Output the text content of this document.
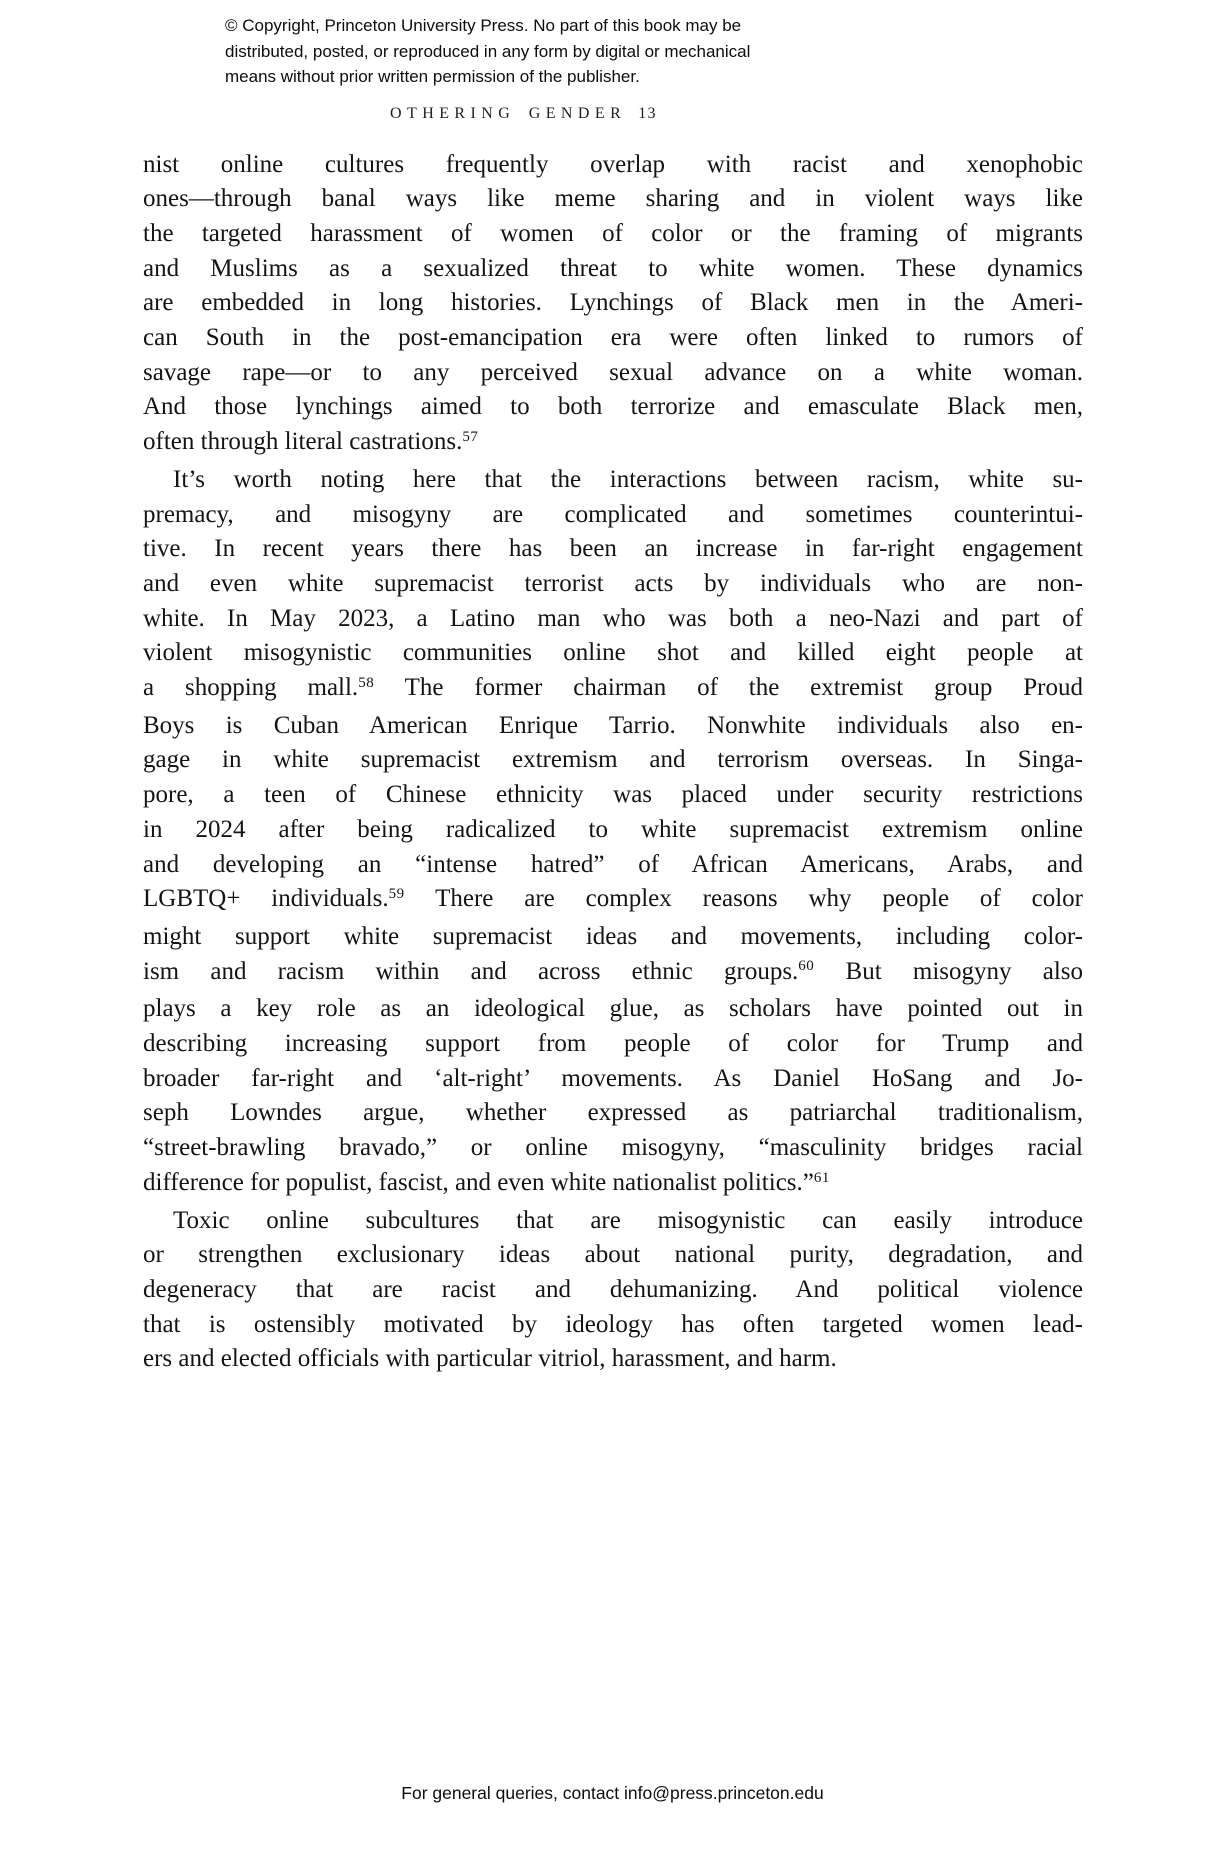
© Copyright, Princeton University Press. No part of this book may be
distributed, posted, or reproduced in any form by digital or mechanical
means without prior written permission of the publisher.
OTHERING GENDER 13
nist online cultures frequently overlap with racist and xenophobic
ones—through banal ways like meme sharing and in violent ways like
the targeted harassment of women of color or the framing of migrants
and Muslims as a sexualized threat to white women. These dynamics
are embedded in long histories. Lynchings of Black men in the Ameri-
can South in the post-emancipation era were often linked to rumors of
savage rape—or to any perceived sexual advance on a white woman.
And those lynchings aimed to both terrorize and emasculate Black men,
often through literal castrations.$^{57}$
It’s worth noting here that the interactions between racism, white su-
premacy, and misogyny are complicated and sometimes counterintui-
tive. In recent years there has been an increase in far-right engagement
and even white supremacist terrorist acts by individuals who are non-
white. In May 2023, a Latino man who was both a neo-Nazi and part of
violent misogynistic communities online shot and killed eight people at
a shopping mall.$^{58}$ The former chairman of the extremist group Proud
Boys is Cuban American Enrique Tarrio. Nonwhite individuals also en-
gage in white supremacist extremism and terrorism overseas. In Singa-
pore, a teen of Chinese ethnicity was placed under security restrictions
in 2024 after being radicalized to white supremacist extremism online
and developing an “intense hatred” of African Americans, Arabs, and
LGBTQ+ individuals.$^{59}$ There are complex reasons why people of color
might support white supremacist ideas and movements, including color-
ism and racism within and across ethnic groups.$^{60}$ But misogyny also
plays a key role as an ideological glue, as scholars have pointed out in
describing increasing support from people of color for Trump and
broader far-right and ‘alt-right’ movements. As Daniel HoSang and Jo-
seph Lowndes argue, whether expressed as patriarchal traditionalism,
“street-brawling bravado,” or online misogyny, “masculinity bridges racial
difference for populist, fascist, and even white nationalist politics.”$^{61}$
Toxic online subcultures that are misogynistic can easily introduce
or strengthen exclusionary ideas about national purity, degradation, and
degeneracy that are racist and dehumanizing. And political violence
that is ostensibly motivated by ideology has often targeted women lead-
ers and elected officials with particular vitriol, harassment, and harm.
For general queries, contact info@press.princeton.edu
